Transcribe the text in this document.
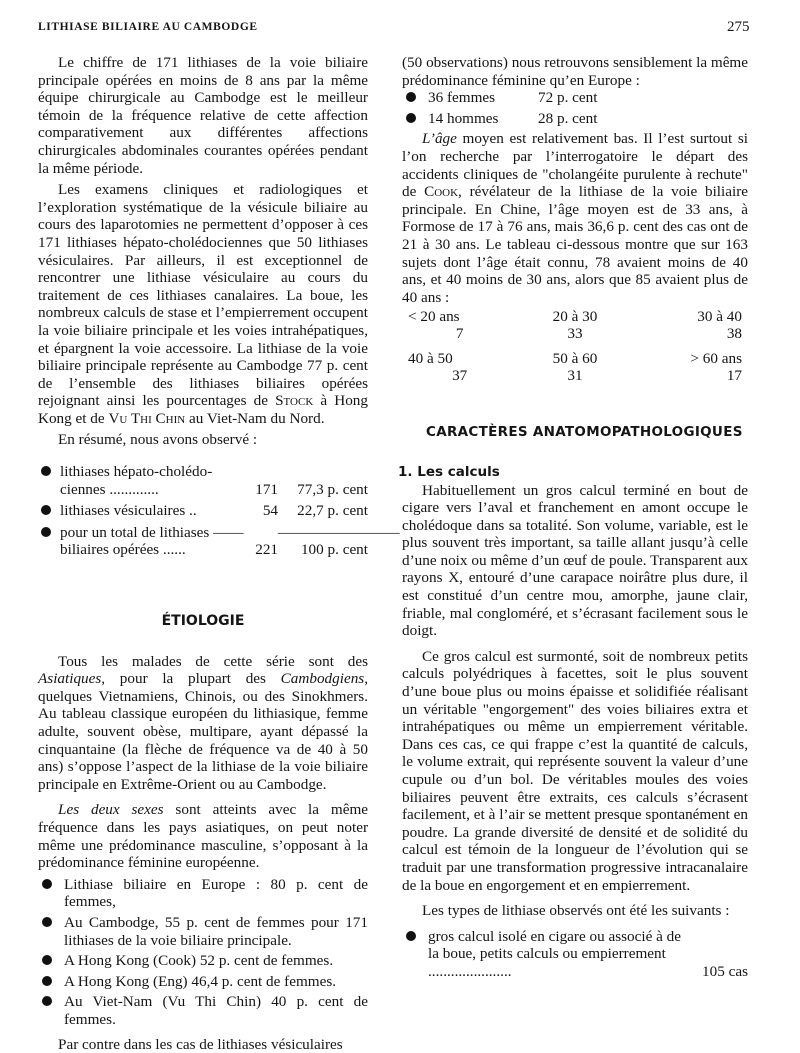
LITHIASE BILIAIRE AU CAMBODGE	275

Le chiffre de 171 lithiases de la voie biliaire principale opérées en moins de 8 ans par la même équipe chirurgicale au Cambodge est le meilleur témoin de la fréquence relative de cette affection comparativement aux différentes affections chirurgicales abdominales courantes opérées pendant la même période.

Les examens cliniques et radiologiques et l’exploration systématique de la vésicule biliaire au cours des laparotomies ne permettent d’opposer à ces 171 lithiases hépato-cholédociennes que 50 lithiases vésiculaires. Par ailleurs, il est exceptionnel de rencontrer une lithiase vésiculaire au cours du traitement de ces lithiases canalaires. La boue, les nombreux calculs de stase et l’empierrement occupent la voie biliaire principale et les voies intrahépatiques, et épargnent la voie accessoire. La lithiase de la voie biliaire principale représente au Cambodge 77 p. cent de l’ensemble des lithiases biliaires opérées rejoignant ainsi les pourcentages de Stock à Hong Kong et de Vu Thi Chin au Viet-Nam du Nord.

En résumé, nous avons observé :

lithiases hépato-cholédo-
ciennes .............	171	77,3 p. cent
lithiases vésiculaires ..	54	22,7 p. cent
pour un total de lithiases ——	————————
biliaires opérées ......	221	100 p. cent
ÉTIOLOGIE

Tous les malades de cette série sont des Asiatiques, pour la plupart des Cambodgiens, quelques Vietnamiens, Chinois, ou des Sinokhmers. Au tableau classique européen du lithiasique, femme adulte, souvent obèse, multipare, ayant dépassé la cinquantaine (la flèche de fréquence va de 40 à 50 ans) s’oppose l’aspect de la lithiase de la voie biliaire principale en Extrême-Orient ou au Cambodge.

Les deux sexes sont atteints avec la même fréquence dans les pays asiatiques, on peut noter même une prédominance masculine, s’opposant à la prédominance féminine européenne.

Lithiase biliaire en Europe : 80 p. cent de femmes,
Au Cambodge, 55 p. cent de femmes pour 171 lithiases de la voie biliaire principale.
A Hong Kong (Cook) 52 p. cent de femmes.
A Hong Kong (Eng) 46,4 p. cent de femmes.
Au Viet-Nam (Vu Thi Chin) 40 p. cent de femmes.

Par contre dans les cas de lithiases vésiculaires

(50 observations) nous retrouvons sensiblement la même prédominance féminine qu’en Europe :

36 femmes	72 p. cent
14 hommes	28 p. cent

L’âge moyen est relativement bas. Il l’est surtout si l’on recherche par l’interrogatoire le départ des accidents cliniques de "cholangéite purulente à rechute" de Cook, révélateur de la lithiase de la voie biliaire principale. En Chine, l’âge moyen est de 33 ans, à Formose de 17 à 76 ans, mais 36,6 p. cent des cas ont de 21 à 30 ans. Le tableau ci-dessous montre que sur 163 sujets dont l’âge était connu, 78 avaient moins de 40 ans, et 40 moins de 30 ans, alors que 85 avaient plus de 40 ans :

< 20 ans	20 à 30	30 à 40
7	33	38
40 à 50	50 à 60	> 60 ans
37	31	17
CARACTÈRES ANATOMOPATHOLOGIQUES
1. Les calculs

Habituellement un gros calcul terminé en bout de cigare vers l’aval et franchement en amont occupe le cholédoque dans sa totalité. Son volume, variable, est le plus souvent très important, sa taille allant jusqu’à celle d’une noix ou même d’un œuf de poule. Transparent aux rayons X, entouré d’une carapace noirâtre plus dure, il est constitué d’un centre mou, amorphe, jaune clair, friable, mal congloméré, et s’écrasant facilement sous le doigt.

Ce gros calcul est surmonté, soit de nombreux petits calculs polyédriques à facettes, soit le plus souvent d’une boue plus ou moins épaisse et solidifiée réalisant un véritable "engorgement" des voies biliaires extra et intrahépatiques ou même un empierrement véritable. Dans ces cas, ce qui frappe c’est la quantité de calculs, le volume extrait, qui représente souvent la valeur d’une cupule ou d’un bol. De véritables moules des voies biliaires peuvent être extraits, ces calculs s’écrasent facilement, et à l’air se mettent presque spontanément en poudre. La grande diversité de densité et de solidité du calcul est témoin de la longueur de l’évolution qui se traduit par une transformation progressive intracanalaire de la boue en engorgement et en empierrement.

Les types de lithiase observés ont été les suivants :

gros calcul isolé en cigare ou associé à de la boue, petits calculs ou empierrement ......................	105 cas
